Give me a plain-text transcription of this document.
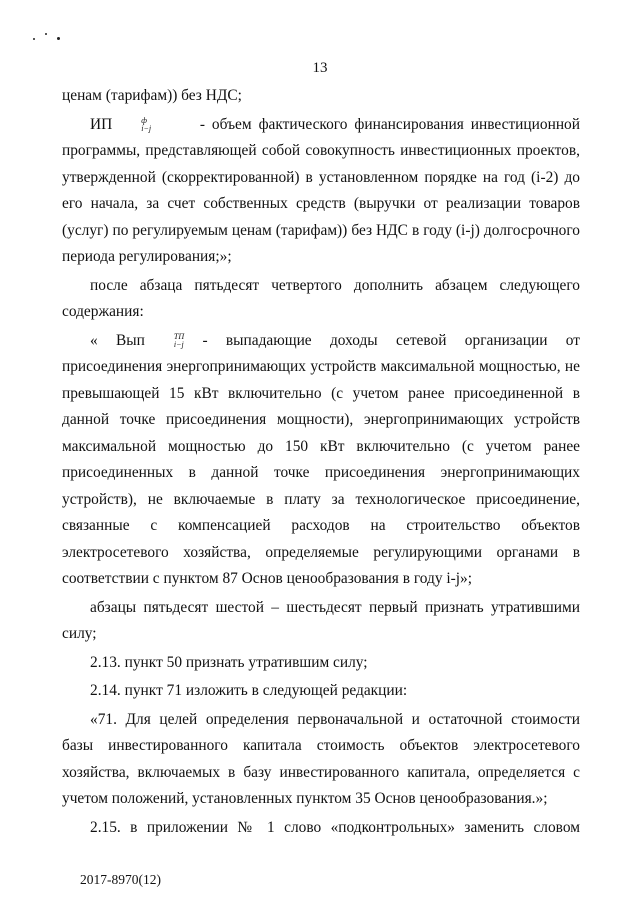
13

ценам (тарифам)) без НДС;

ИП	ф
i−j	- объем фактического финансирования инвестиционной программы, представляющей собой совокупность инвестиционных проектов, утвержденной (скорректированной) в установленном порядке на год (i-2) до его начала, за счет собственных средств (выручки от реализации товаров (услуг) по регулируемым ценам (тарифам)) без НДС в году (i-j) долгосрочного периода регулирования;»;

после абзаца пятьдесят четвертого дополнить абзацем следующего содержания:

« Вып	ТП
i−j - выпадающие доходы сетевой организации от присоединения энергопринимающих устройств максимальной мощностью, не превышающей 15 кВт включительно (с учетом ранее присоединенной в данной точке присоединения мощности), энергопринимающих устройств максимальной мощностью до 150 кВт включительно (с учетом ранее присоединенных в данной точке присоединения энергопринимающих устройств), не включаемые в плату за технологическое присоединение, связанные с компенсацией расходов на строительство объектов электросетевого хозяйства, определяемые регулирующими органами в соответствии с пунктом 87 Основ ценообразования в году i-j»;

абзацы пятьдесят шестой – шестьдесят первый признать утратившими силу;

2.13. пункт 50 признать утратившим силу;

2.14. пункт 71 изложить в следующей редакции:

«71. Для целей определения первоначальной и остаточной стоимости базы инвестированного капитала стоимость объектов электросетевого хозяйства, включаемых в базу инвестированного капитала, определяется с учетом положений, установленных пунктом 35 Основ ценообразования.»;

2.15. в приложении № 1 слово «подконтрольных» заменить словом

2017-8970(12)
